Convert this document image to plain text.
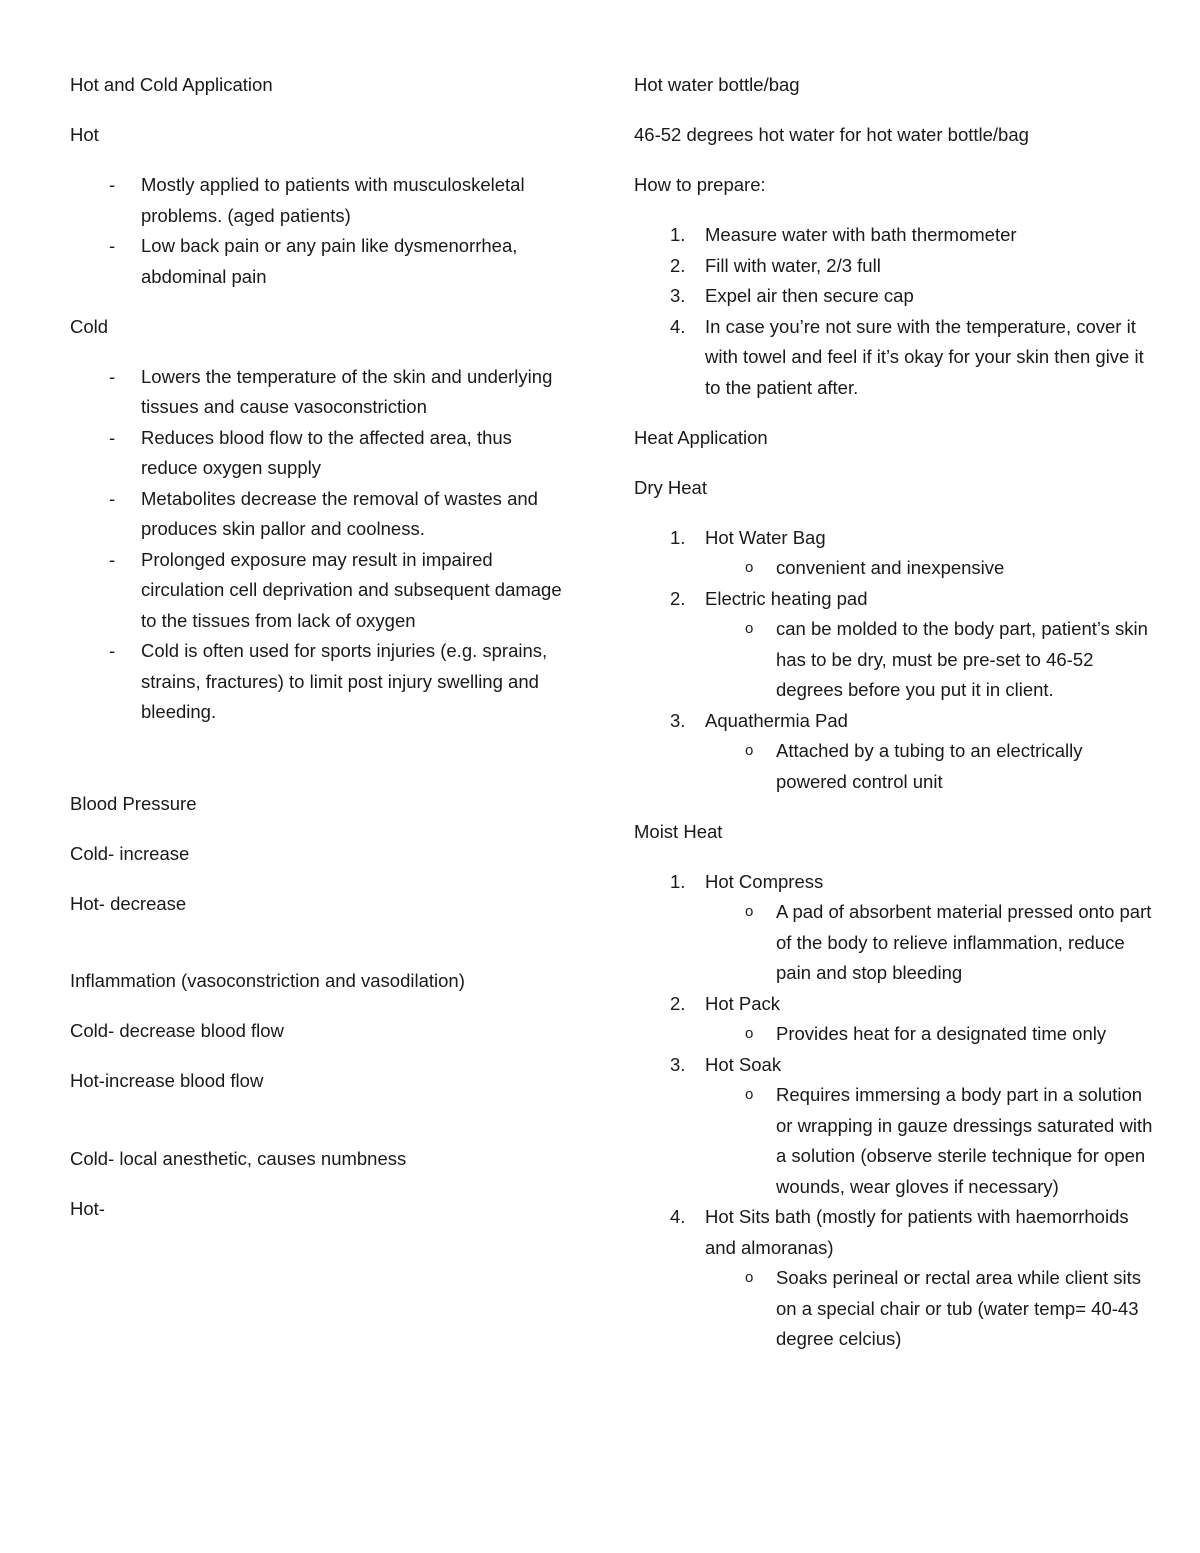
Hot and Cold Application

Hot

- Mostly applied to patients with musculoskeletal problems. (aged patients)
- Low back pain or any pain like dysmenorrhea, abdominal pain

Cold

- Lowers the temperature of the skin and underlying tissues and cause vasoconstriction
- Reduces blood flow to the affected area, thus reduce oxygen supply
- Metabolites decrease the removal of wastes and produces skin pallor and coolness.
- Prolonged exposure may result in impaired circulation cell deprivation and subsequent damage to the tissues from lack of oxygen
- Cold is often used for sports injuries (e.g. sprains, strains, fractures) to limit post injury swelling and bleeding.

Blood Pressure

Cold- increase

Hot- decrease

Inflammation (vasoconstriction and vasodilation)

Cold- decrease blood flow

Hot-increase blood flow

Cold- local anesthetic, causes numbness

Hot-

Hot water bottle/bag

46-52 degrees hot water for hot water bottle/bag

How to prepare:

1. Measure water with bath thermometer
2. Fill with water, 2/3 full
3. Expel air then secure cap
4. In case you’re not sure with the temperature, cover it with towel and feel if it’s okay for your skin then give it to the patient after.

Heat Application

Dry Heat

1. Hot Water Bag
o convenient and inexpensive
2. Electric heating pad
o can be molded to the body part, patient’s skin has to be dry, must be pre-set to 46-52 degrees before you put it in client.
3. Aquathermia Pad
o Attached by a tubing to an electrically powered control unit

Moist Heat

1. Hot Compress
o A pad of absorbent material pressed onto part of the body to relieve inflammation, reduce pain and stop bleeding
2. Hot Pack
o Provides heat for a designated time only
3. Hot Soak
o Requires immersing a body part in a solution or wrapping in gauze dressings saturated with a solution (observe sterile technique for open wounds, wear gloves if necessary)
4. Hot Sits bath (mostly for patients with haemorrhoids and almoranas)
o Soaks perineal or rectal area while client sits on a special chair or tub (water temp= 40-43 degree celcius)
